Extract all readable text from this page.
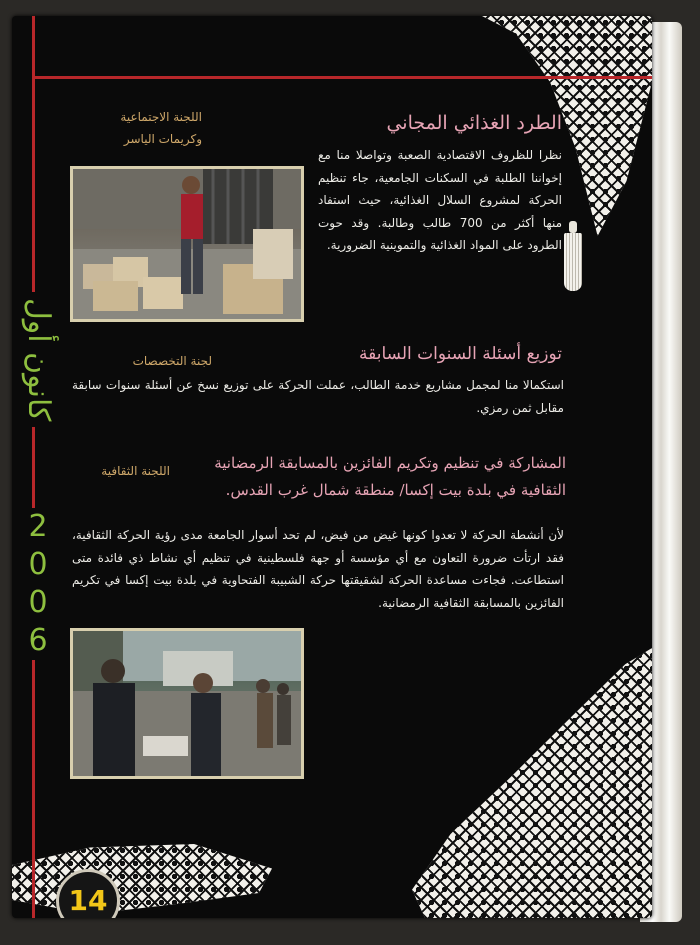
كانون أول
2
0
0
6
اللجنة الاجتماعية
وكريمات الياسر
الطرد الغذائي المجاني
نظرا للظروف الاقتصادية الصعبة وتواصلا منا مع إخواننا الطلبة في السكنات الجامعية، جاء تنظيم الحركة لمشروع السلال الغذائية، حيث استفاد منها أكثر من 700 طالب وطالبة. وقد حوت الطرود على المواد الغذائية والتموينية الضرورية.
لجنة التخصصات	توزيع أسئلة السنوات السابقة
استكمالا منا لمجمل مشاريع خدمة الطالب، عملت الحركة على توزيع نسخ عن أسئلة سنوات سابقة مقابل ثمن رمزي.
اللجنة الثقافية	المشاركة في تنظيم وتكريم الفائزين بالمسابقة الرمضانية
الثقافية في بلدة بيت إكسا/ منطقة شمال غرب القدس.
لأن أنشطة الحركة لا تعدوا كونها غيض من فيض، لم تحد أسوار الجامعة مدى رؤية الحركة الثقافية، فقد ارتأت ضرورة التعاون مع أي مؤسسة أو جهة فلسطينية في تنظيم أي نشاط ذي فائدة متى استطاعت. فجاءت مساعدة الحركة لشقيقتها حركة الشبيبة الفتحاوية في بلدة بيت إكسا في تكريم الفائزين بالمسابقة الثقافية الرمضانية.
14
